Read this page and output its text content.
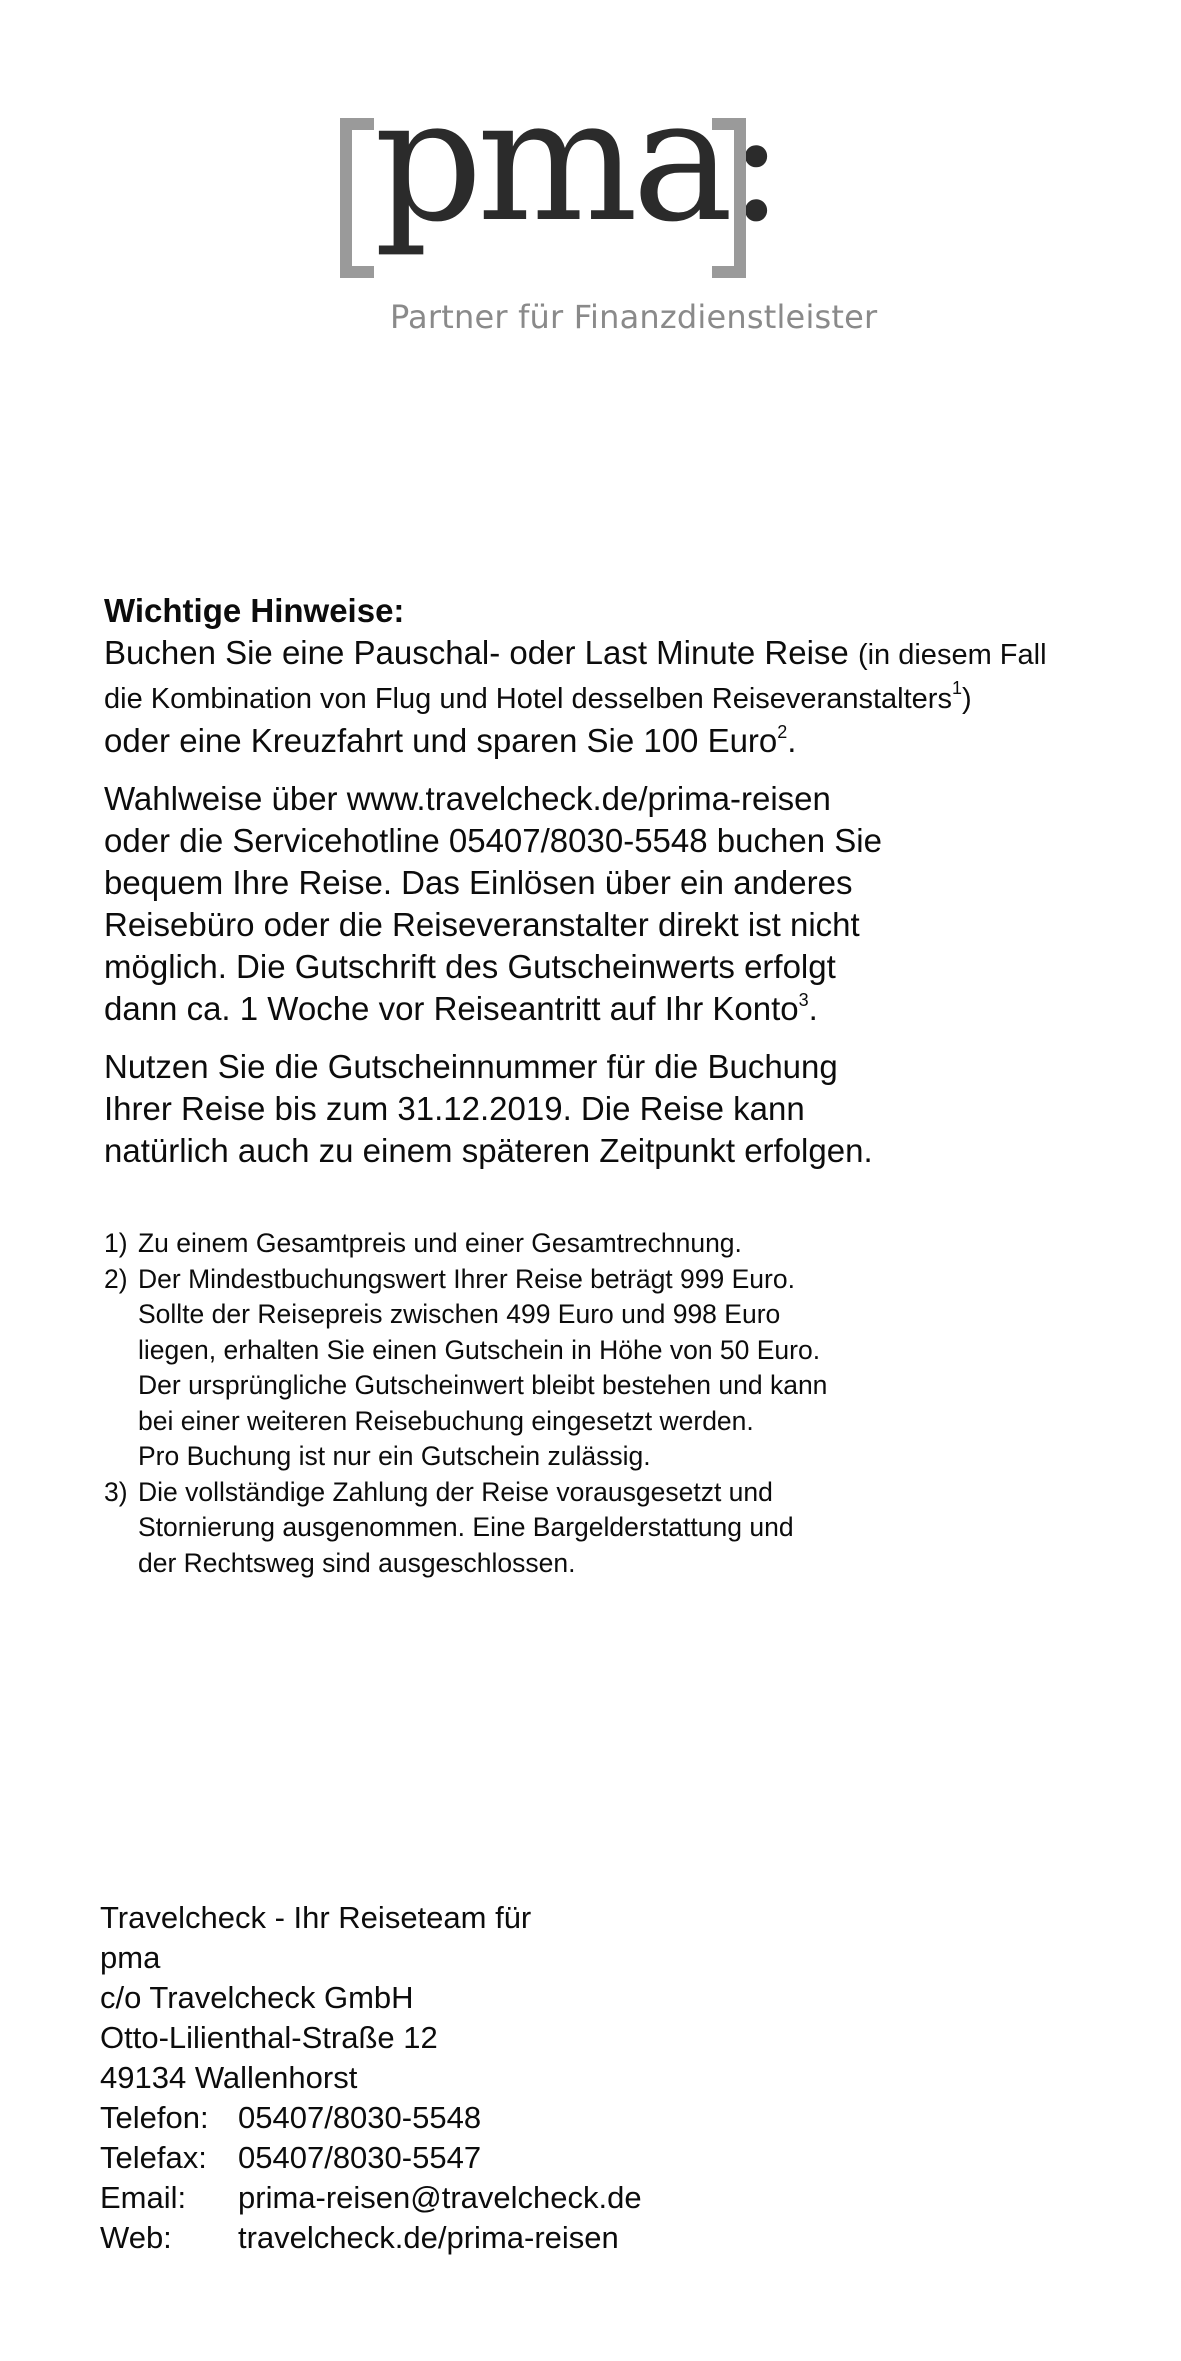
pma:
Partner für Finanzdienstleister

Wichtige Hinweise:

Buchen Sie eine Pauschal- oder Last Minute Reise (in diesem Fall
die Kombination von Flug und Hotel desselben Reiseveranstalters$^1$)
oder eine Kreuzfahrt und sparen Sie 100 Euro$^2$.

Wahlweise über www.travelcheck.de/prima-reisen
oder die Servicehotline 05407/8030-5548 buchen Sie
bequem Ihre Reise. Das Einlösen über ein anderes
Reisebüro oder die Reiseveranstalter direkt ist nicht
möglich. Die Gutschrift des Gutscheinwerts erfolgt
dann ca. 1 Woche vor Reiseantritt auf Ihr Konto$^3$.

Nutzen Sie die Gutscheinnummer für die Buchung
Ihrer Reise bis zum 31.12.2019. Die Reise kann
natürlich auch zu einem späteren Zeitpunkt erfolgen.

1) Zu einem Gesamtpreis und einer Gesamtrechnung.
2) Der Mindestbuchungswert Ihrer Reise beträgt 999 Euro.
Sollte der Reisepreis zwischen 499 Euro und 998 Euro
liegen, erhalten Sie einen Gutschein in Höhe von 50 Euro.
Der ursprüngliche Gutscheinwert bleibt bestehen und kann
bei einer weiteren Reisebuchung eingesetzt werden.
Pro Buchung ist nur ein Gutschein zulässig.
3) Die vollständige Zahlung der Reise vorausgesetzt und
Stornierung ausgenommen. Eine Bargelderstattung und
der Rechtsweg sind ausgeschlossen.
Travelcheck - Ihr Reiseteam für
pma
c/o Travelcheck GmbH
Otto-Lilienthal-Straße 12
49134 Wallenhorst
Telefon: 05407/8030-5548
Telefax:	05407/8030-5547
Email:	prima-reisen@travelcheck.de
Web:	travelcheck.de/prima-reisen
